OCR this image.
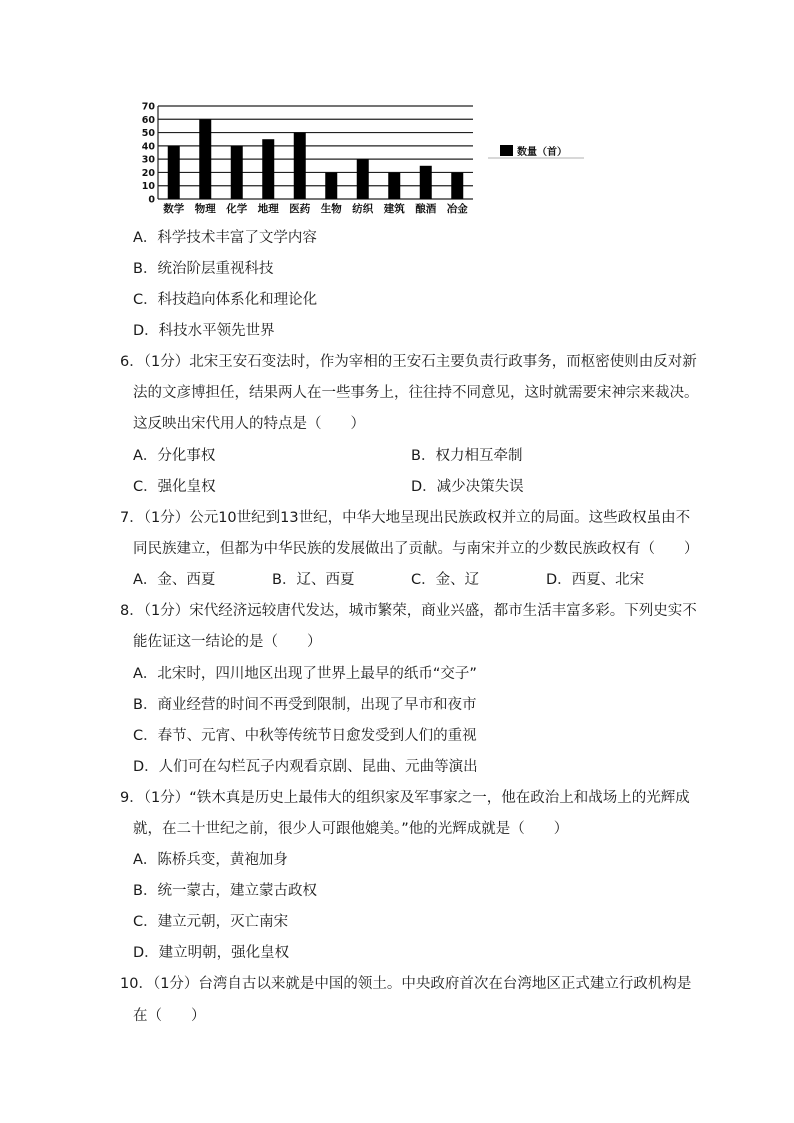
0
10
20
30
40
50
60
70
数学 物理 化学 地理 医药 生物 纺织 建筑 酿酒 冶金
数量（首）
A．科学技术丰富了文学内容
B．统治阶层重视科技
C．科技趋向体系化和理论化
D．科技水平领先世界
6．（1分）北宋王安石变法时，作为宰相的王安石主要负责行政事务，而枢密使则由反对新
法的文彦博担任，结果两人在一些事务上，往往持不同意见，这时就需要宋神宗来裁决。
这反映出宋代用人的特点是（　　）
A．分化事权	B．权力相互牵制
C．强化皇权	D．减少决策失误
7．（1分）公元10世纪到13世纪，中华大地呈现出民族政权并立的局面。这些政权虽由不
同民族建立，但都为中华民族的发展做出了贡献。与南宋并立的少数民族政权有（　　）
A．金、西夏	B．辽、西夏	C．金、辽	D．西夏、北宋
8．（1分）宋代经济远较唐代发达，城市繁荣，商业兴盛，都市生活丰富多彩。下列史实不
能佐证这一结论的是（　　）
A．北宋时，四川地区出现了世界上最早的纸币“交子”
B．商业经营的时间不再受到限制，出现了早市和夜市
C．春节、元宵、中秋等传统节日愈发受到人们的重视
D．人们可在勾栏瓦子内观看京剧、昆曲、元曲等演出
9．（1分）“铁木真是历史上最伟大的组织家及军事家之一，他在政治上和战场上的光辉成
就，在二十世纪之前，很少人可跟他媲美。”他的光辉成就是（　　）
A．陈桥兵变，黄袍加身
B．统一蒙古，建立蒙古政权
C．建立元朝，灭亡南宋
D．建立明朝，强化皇权
10．（1分）台湾自古以来就是中国的领土。中央政府首次在台湾地区正式建立行政机构是
在（　　）
